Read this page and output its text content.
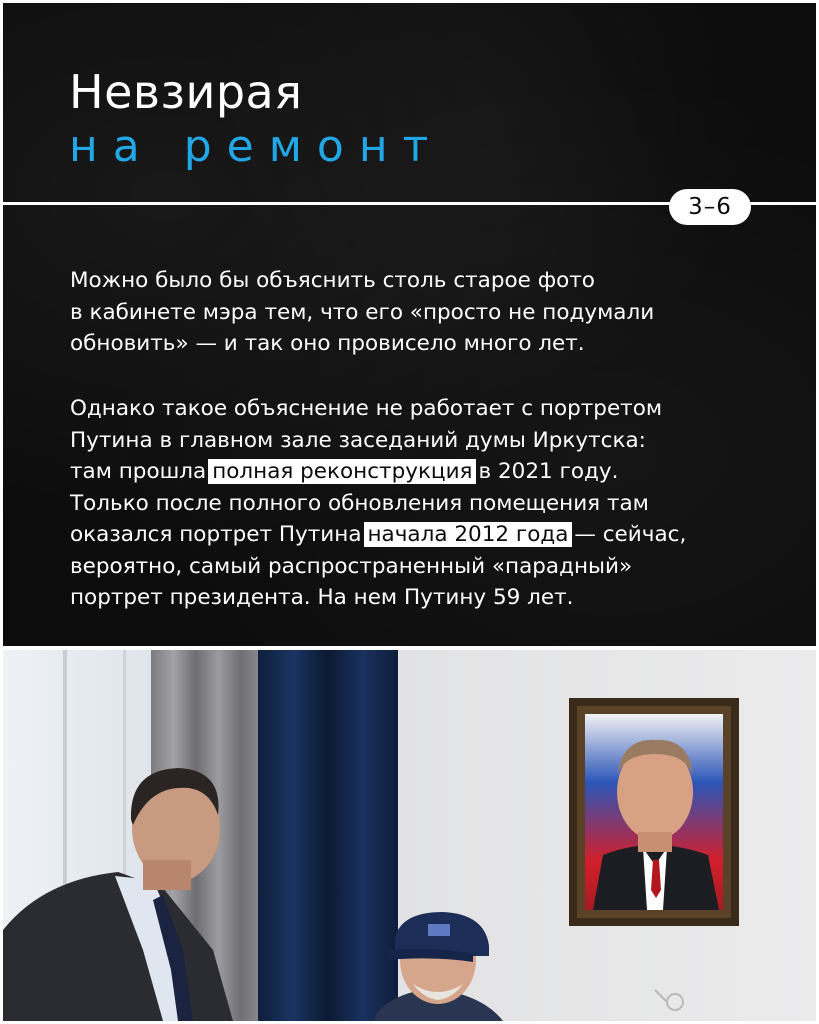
Невзирая
на ремонт
3–6
Можно было бы объяснить столь старое фото
в кабинете мэра тем, что его «просто не подумали
обновить» — и так оно провисело много лет.
Однако такое объяснение не работает с портретом
Путина в главном зале заседаний думы Иркутска:
там прошла полная реконструкция в 2021 году.
Только после полного обновления помещения там
оказался портрет Путина начала 2012 года — сейчас,
вероятно, самый распространенный «парадный»
портрет президента. На нем Путину 59 лет.
